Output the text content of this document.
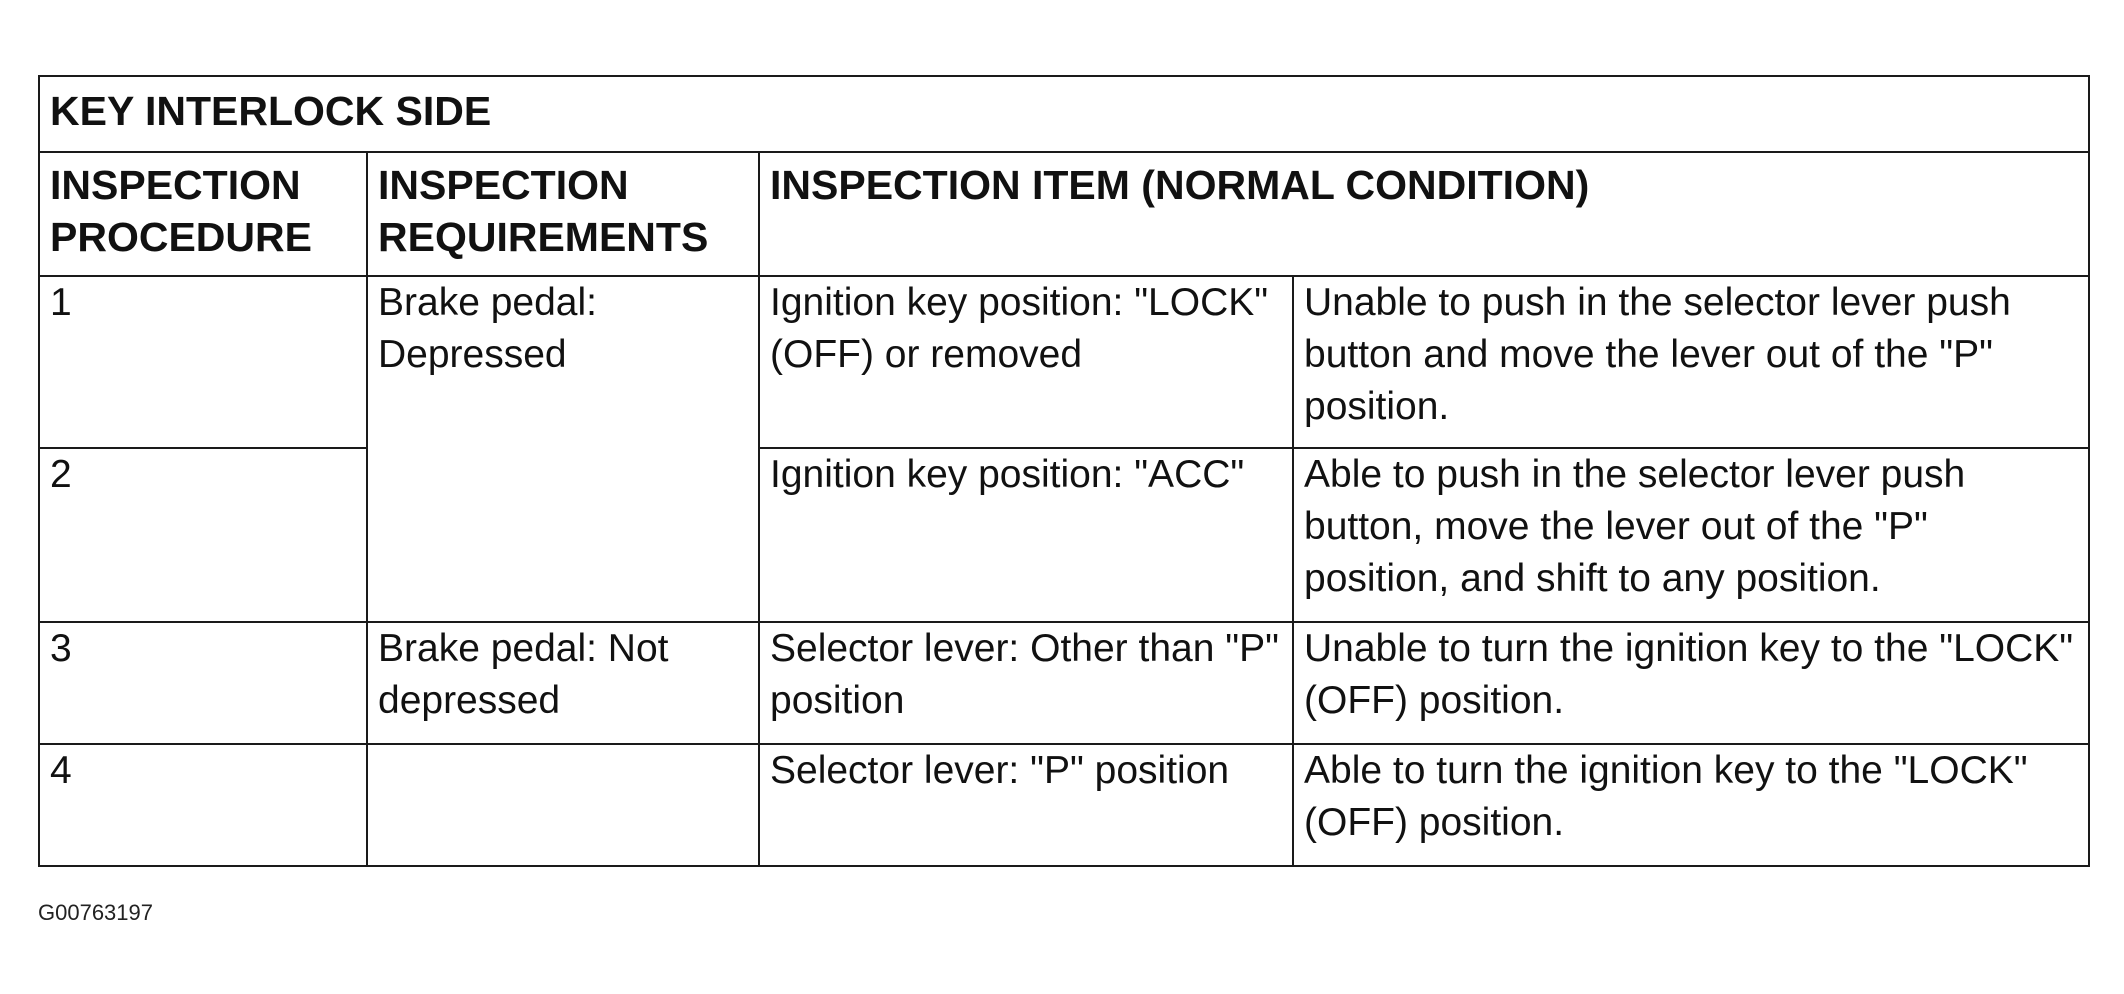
KEY INTERLOCK SIDE			
INSPECTION PROCEDURE	INSPECTION REQUIREMENTS	INSPECTION ITEM (NORMAL CONDITION)	
1	Brake pedal: Depressed	Ignition key position: "LOCK" (OFF) or removed	Unable to push in the selector lever push button and move the lever out of the "P" position.
2		Ignition key position: "ACC"	Able to push in the selector lever push button, move the lever out of the "P" position, and shift to any position.
3	Brake pedal: Not depressed	Selector lever: Other than "P" position	Unable to turn the ignition key to the "LOCK" (OFF) position.
4		Selector lever: "P" position	Able to turn the ignition key to the "LOCK" (OFF) position.
G00763197
